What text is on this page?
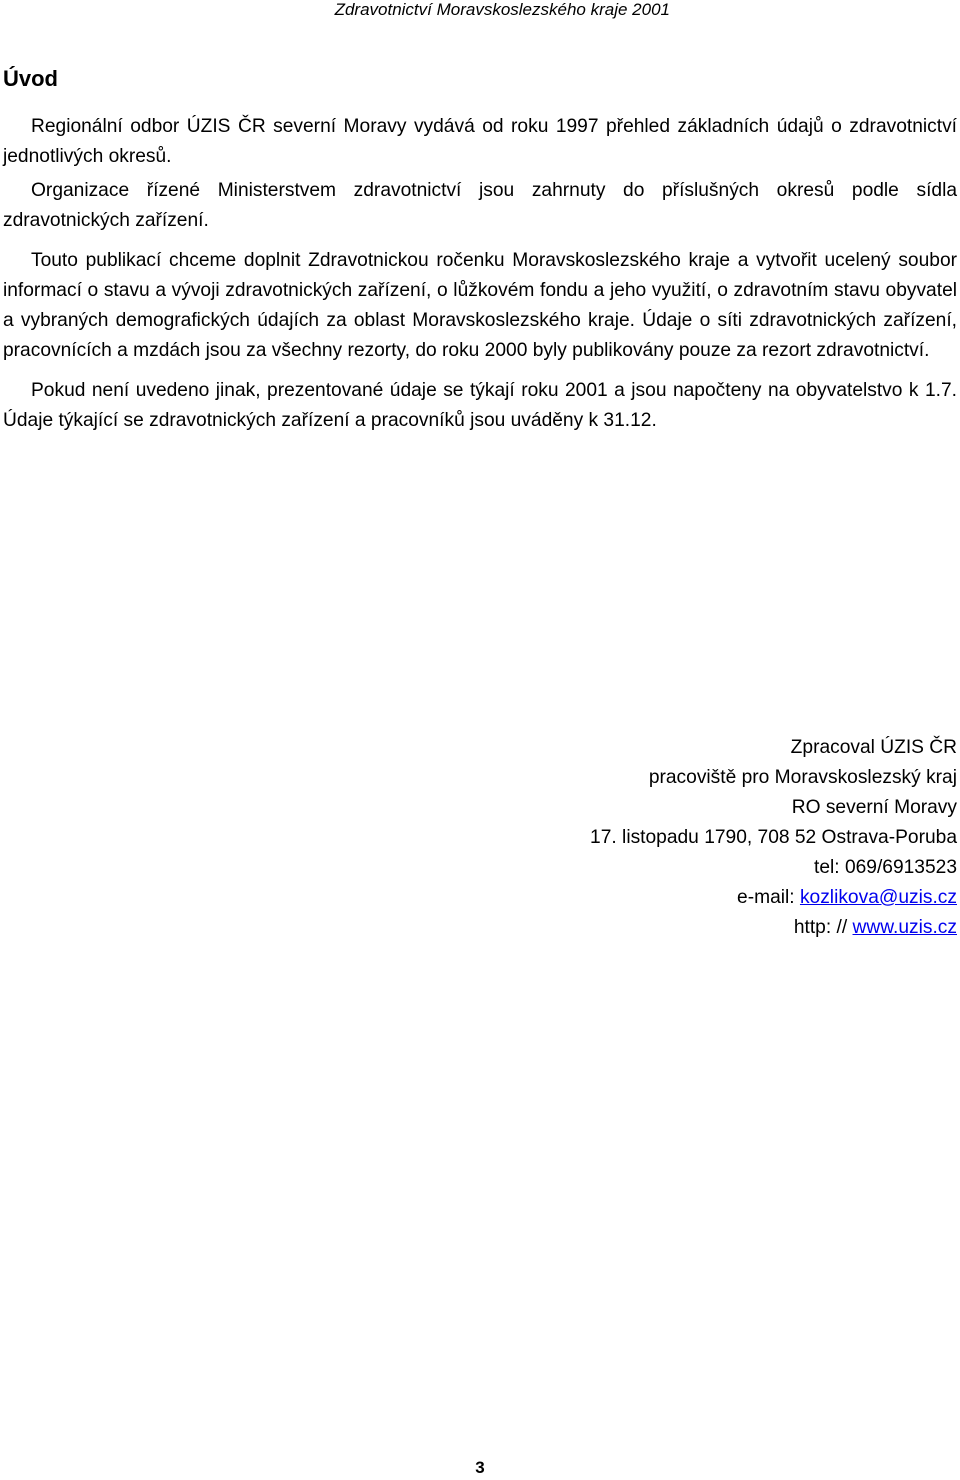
Zdravotnictví Moravskoslezského kraje 2001
Úvod

Regionální odbor ÚZIS ČR severní Moravy vydává od roku 1997 přehled základních údajů o zdravotnictví jednotlivých okresů.

Organizace řízené Ministerstvem zdravotnictví jsou zahrnuty do příslušných okresů podle sídla zdravotnických zařízení.

Touto publikací chceme doplnit Zdravotnickou ročenku Moravskoslezského kraje a vytvořit ucelený soubor informací o stavu a vývoji zdravotnických zařízení, o lůžkovém fondu a jeho využití, o zdravotním stavu obyvatel a vybraných demografických údajích za oblast Moravskoslezského kraje. Údaje o síti zdravotnických zařízení, pracovnících a mzdách jsou za všechny rezorty, do roku 2000 byly publikovány pouze za rezort zdravotnictví.

Pokud není uvedeno jinak, prezentované údaje se týkají roku 2001 a jsou napočteny na obyvatelstvo k 1.7. Údaje týkající se zdravotnických zařízení a pracovníků jsou uváděny k 31.12.

Zpracoval ÚZIS ČR
pracoviště pro Moravskoslezský kraj
RO severní Moravy
17. listopadu 1790, 708 52 Ostrava-Poruba
tel: 069/6913523
e-mail: kozlikova@uzis.cz
http: // www.uzis.cz
3
